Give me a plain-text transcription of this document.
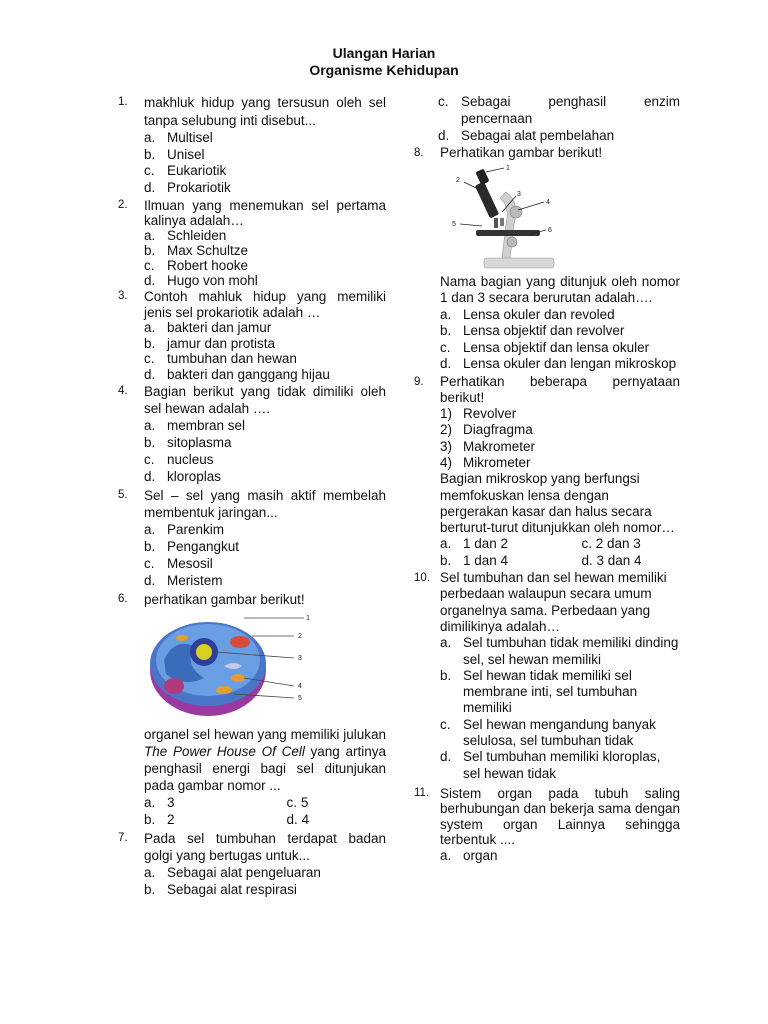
Ulangan Harian
Organisme Kehidupan
1. makhluk hidup yang tersusun oleh sel tanpa selubung inti disebut...
a. Multisel
b. Unisel
c. Eukariotik
d. Prokariotik
2. Ilmuan yang menemukan sel pertama kalinya adalah…
a. Schleiden
b. Max Schultze
c. Robert hooke
d. Hugo von mohl
3. Contoh mahluk hidup yang memiliki jenis sel prokariotik adalah …
a. bakteri dan jamur
b. jamur dan protista
c. tumbuhan dan hewan
d. bakteri dan ganggang hijau
4. Bagian berikut yang tidak dimiliki oleh sel hewan adalah ….
a. membran sel
b. sitoplasma
c. nucleus
d. kloroplas
5. Sel – sel yang masih aktif membelah membentuk jaringan...
a. Parenkim
b. Pengangkut
c. Mesosil
d. Meristem
6. perhatikan gambar berikut!
1
2
3
4
5
organel sel hewan yang memiliki julukan The Power House Of Cell yang artinya penghasil energi bagi sel ditunjukan pada gambar nomor ...
a. 3	c. 5
b. 2	d. 4
7. Pada sel tumbuhan terdapat badan golgi yang bertugas untuk...
a. Sebagai alat pengeluaran
b. Sebagai alat respirasi
c. Sebagai penghasil enzim pencernaan
d. Sebagai alat pembelahan
8. Perhatikan gambar berikut!
1
2
3
4
5
6
Nama bagian yang ditunjuk oleh nomor 1 dan 3 secara berurutan adalah….
a. Lensa okuler dan revoled
b. Lensa objektif dan revolver
c. Lensa objektif dan lensa okuler
d. Lensa okuler dan lengan mikroskop
9. Perhatikan beberapa pernyataan berikut!
1) Revolver
2) Diagfragma
3) Makrometer
4) Mikrometer
Bagian mikroskop yang berfungsi memfokuskan lensa dengan pergerakan kasar dan halus secara berturut-turut ditunjukkan oleh nomor…
a. 1 dan 2	c. 2 dan 3
b. 1 dan 4	d. 3 dan 4
10. Sel tumbuhan dan sel hewan memiliki perbedaan walaupun secara umum organelnya sama. Perbedaan yang dimilikinya adalah…
a. Sel tumbuhan tidak memiliki dinding sel, sel hewan memiliki
b. Sel hewan tidak memiliki sel membrane inti, sel tumbuhan memiliki
c. Sel hewan mengandung banyak selulosa, sel tumbuhan tidak
d. Sel tumbuhan memiliki kloroplas, sel hewan tidak
11. Sistem organ pada tubuh saling berhubungan dan bekerja sama dengan system organ Lainnya sehingga terbentuk ....
a. organ
